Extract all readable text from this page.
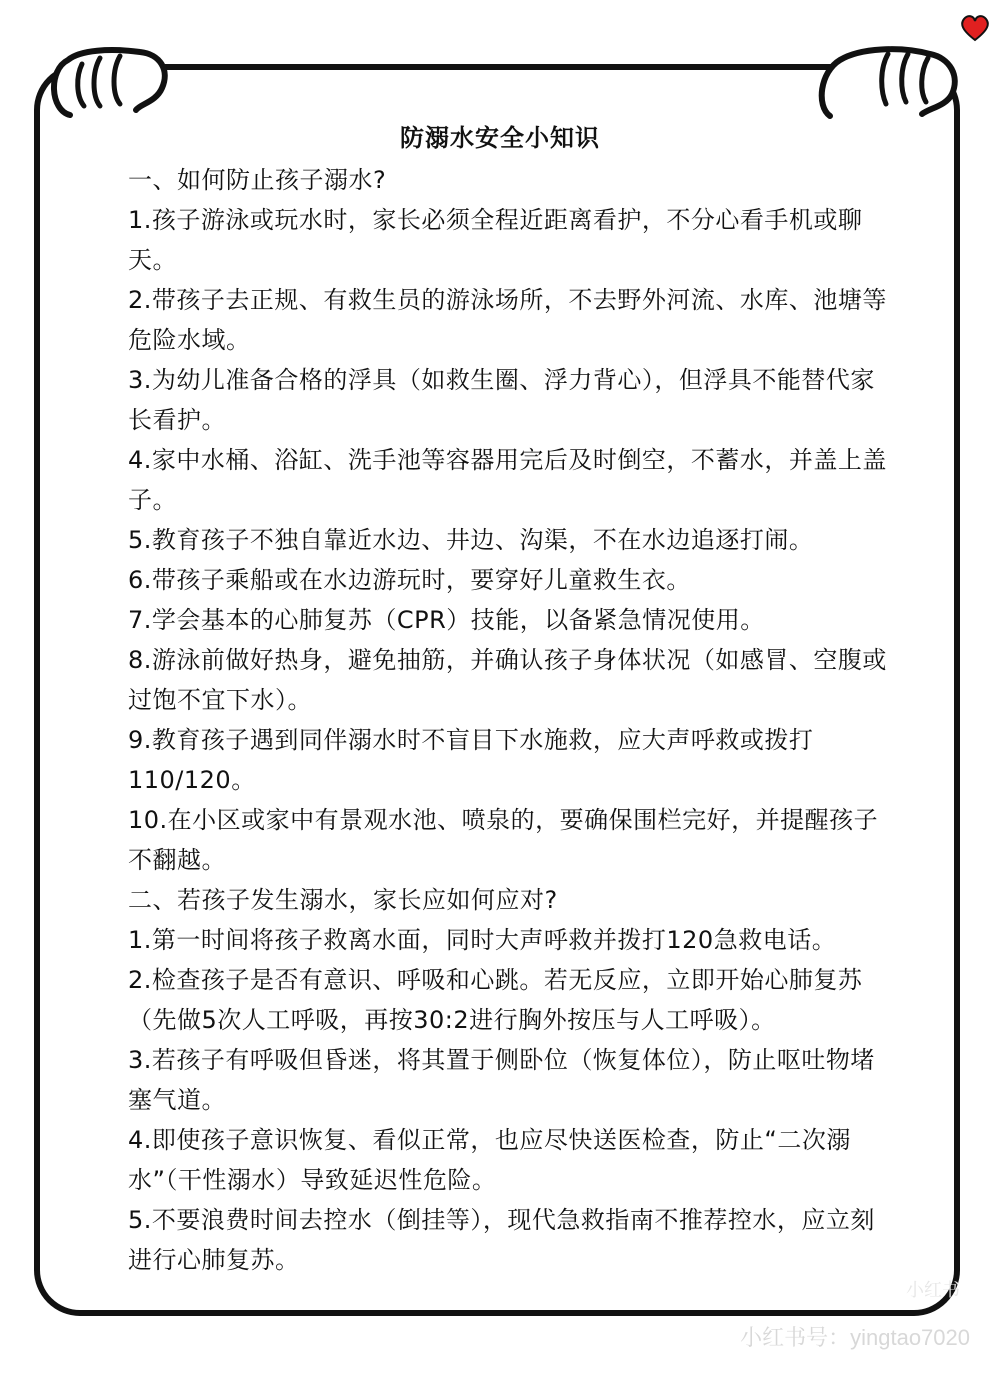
防溺水安全小知识

一、如何防止孩子溺水?

1.孩子游泳或玩水时，家长必须全程近距离看护，不分心看手机或聊天。

2.带孩子去正规、有救生员的游泳场所，不去野外河流、水库、池塘等危险水域。

3.为幼儿准备合格的浮具（如救生圈、浮力背心），但浮具不能替代家长看护。

4.家中水桶、浴缸、洗手池等容器用完后及时倒空，不蓄水，并盖上盖子。

5.教育孩子不独自靠近水边、井边、沟渠，不在水边追逐打闹。

6.带孩子乘船或在水边游玩时，要穿好儿童救生衣。

7.学会基本的心肺复苏（CPR）技能，以备紧急情况使用。

8.游泳前做好热身，避免抽筋，并确认孩子身体状况（如感冒、空腹或过饱不宜下水）。

9.教育孩子遇到同伴溺水时不盲目下水施救，应大声呼救或拨打110/120。

10.在小区或家中有景观水池、喷泉的，要确保围栏完好，并提醒孩子不翻越。

二、若孩子发生溺水，家长应如何应对?

1.第一时间将孩子救离水面，同时大声呼救并拨打120急救电话。

2.检查孩子是否有意识、呼吸和心跳。若无反应，立即开始心肺复苏（先做5次人工呼吸，再按30:2进行胸外按压与人工呼吸）。

3.若孩子有呼吸但昏迷，将其置于侧卧位（恢复体位），防止呕吐物堵塞气道。

4.即使孩子意识恢复、看似正常，也应尽快送医检查，防止“二次溺水”（干性溺水）导致延迟性危险。

5.不要浪费时间去控水（倒挂等），现代急救指南不推荐控水，应立刻进行心肺复苏。

小红书
小红书号：yingtao7020
